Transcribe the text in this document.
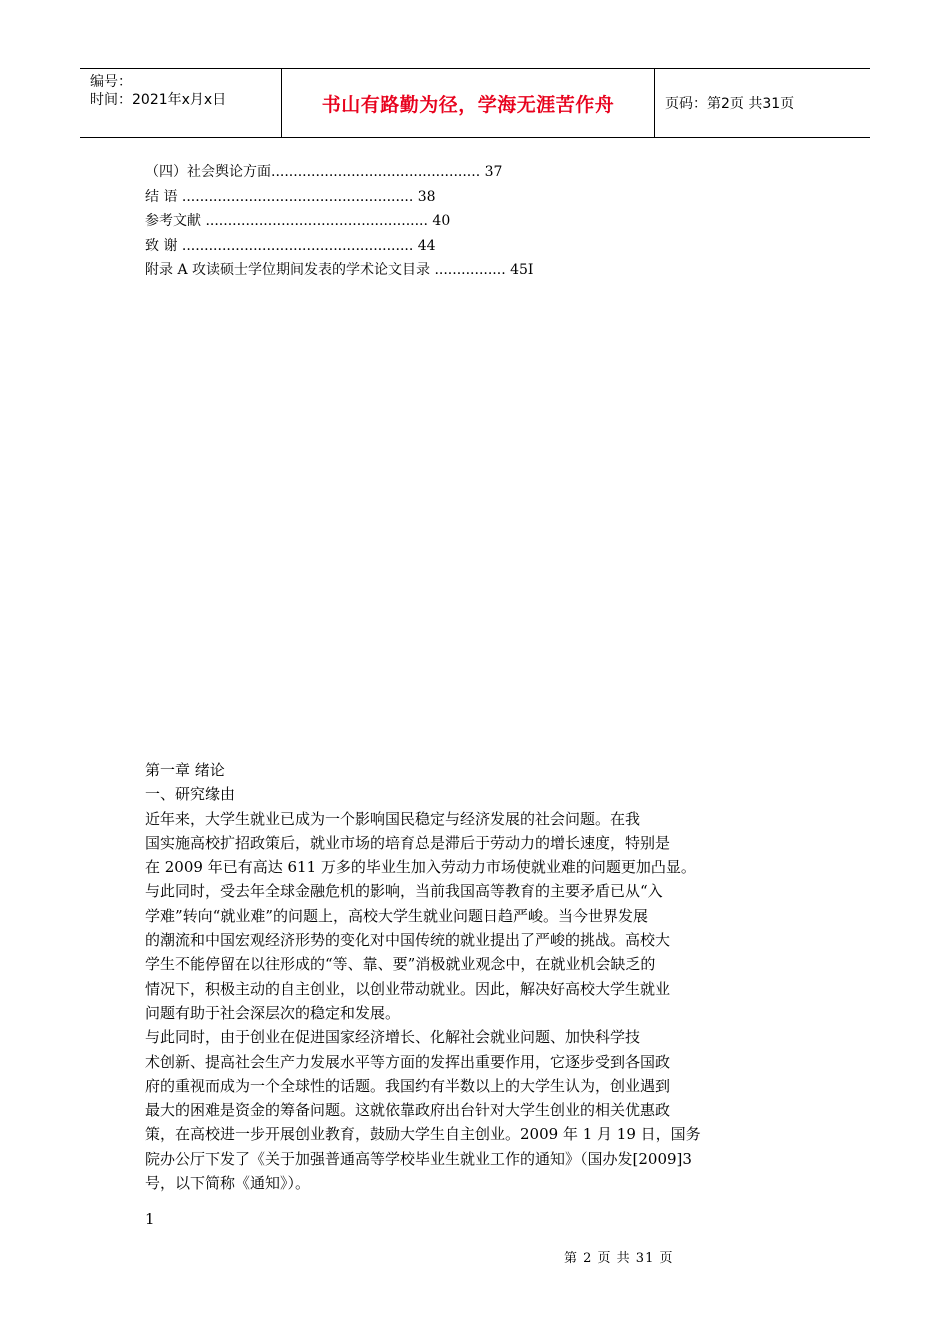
编号：
时间：2021年x月x日	书山有路勤为径，学海无涯苦作舟	页码：第2页 共31页
（四）社会舆论方面............................................... 37
结 语 .................................................... 38
参考文献 .................................................. 40
致 谢 .................................................... 44
附录 A 攻读硕士学位期间发表的学术论文目录 ................ 45I
第一章 绪论
一、研究缘由
近年来，大学生就业已成为一个影响国民稳定与经济发展的社会问题。在我
国实施高校扩招政策后，就业市场的培育总是滞后于劳动力的增长速度，特别是
在 2009 年已有高达 611 万多的毕业生加入劳动力市场使就业难的问题更加凸显。
与此同时，受去年全球金融危机的影响，当前我国高等教育的主要矛盾已从“入
学难”转向“就业难”的问题上，高校大学生就业问题日趋严峻。当今世界发展
的潮流和中国宏观经济形势的变化对中国传统的就业提出了严峻的挑战。高校大
学生不能停留在以往形成的“等、靠、要”消极就业观念中，在就业机会缺乏的
情况下，积极主动的自主创业，以创业带动就业。因此，解决好高校大学生就业
问题有助于社会深层次的稳定和发展。
与此同时，由于创业在促进国家经济增长、化解社会就业问题、加快科学技
术创新、提高社会生产力发展水平等方面的发挥出重要作用，它逐步受到各国政
府的重视而成为一个全球性的话题。我国约有半数以上的大学生认为，创业遇到
最大的困难是资金的筹备问题。这就依靠政府出台针对大学生创业的相关优惠政
策，在高校进一步开展创业教育，鼓励大学生自主创业。2009 年 1 月 19 日，国务
院办公厅下发了《关于加强普通高等学校毕业生就业工作的通知》（国办发[2009]3
号，以下简称《通知》）。
1
第 2 页 共 31 页
